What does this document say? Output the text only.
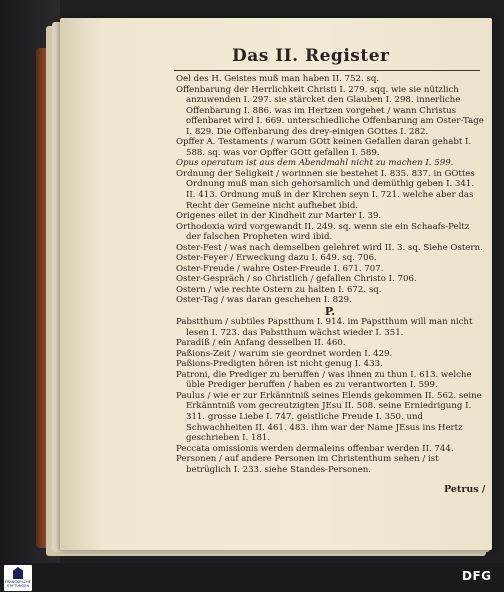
Das II. Register

Oel des H. Geistes muß man haben II. 752. sq.

Offenbarung der Herrlichkeit Christi I. 279. sqq. wie sie nützlich anzuwenden I. 297. sie stärcket den Glauben I. 298. innerliche Offenbarung I. 886. was im Hertzen vorgehet / wann Christus offenbaret wird I. 669. unterschiedliche Offenbarung am Oster-Tage I. 829. Die Offenbarung des drey-einigen GOttes I. 282.

Opffer A. Testaments / warum GOtt keinen Gefallen daran gehabt I. 588. sq. was vor Opffer GOtt gefallen I. 589.

Opus operatum ist aus dem Abendmahl nicht zu machen I. 599.

Ordnung der Seligkeit / worinnen sie bestehet I. 835. 837. in GOttes Ordnung muß man sich gehorsamlich und demüthig geben I. 341. II. 413. Ordnung muß in der Kirchen seyn I. 721. welche aber das Recht der Gemeine nicht aufhebet ibid.

Origenes eilet in der Kindheit zur Marter I. 39.

Orthodoxia wird vorgewandt II. 249. sq. wenn sie ein Schaafs-Peltz der falschen Propheten wird ibid.

Oster-Fest / was nach demselben gelehret wird II. 3. sq. Siehe Ostern.

Oster-Feyer / Erweckung dazu I. 649. sq. 706.

Oster-Freude / wahre Oster-Freude I. 671. 707.

Oster-Gespräch / so Christlich / gefallen Christo I. 706.

Ostern / wie rechte Ostern zu halten I. 672. sq.

Oster-Tag / was daran geschehen I. 829.

P.

Pabstthum / subtiles Papstthum I. 914. im Papstthum will man nicht lesen I. 723. das Pabstthum wächst wieder I. 351.

Paradiß / ein Anfang desselben II. 460.

Paßions-Zeit / warum sie geordnet worden I. 429.

Paßions-Predigten hören ist nicht genug I. 433.

Patroni, die Prediger zu beruffen / was ihnen zu thun I. 613. welche üble Prediger beruffen / haben es zu verantworten I. 599.

Paulus / wie er zur Erkänntniß seines Elends gekommen II. 562. seine Erkänntniß vom gecreutzigten JEsu II. 508. seine Erniedrigung I. 311. grosse Liebe I. 747. geistliche Freude I. 350. und Schwachheiten II. 461. 483. ihm war der Name JEsus ins Hertz geschrieben I. 181.

Peccata omissionis werden dermaleins offenbar werden II. 744.

Personen / auf andere Personen im Christenthum sehen / ist betrüglich I. 233. siehe Standes-Personen.

Petrus /
FRANCKESCHE STIFTUNGEN
DFG
